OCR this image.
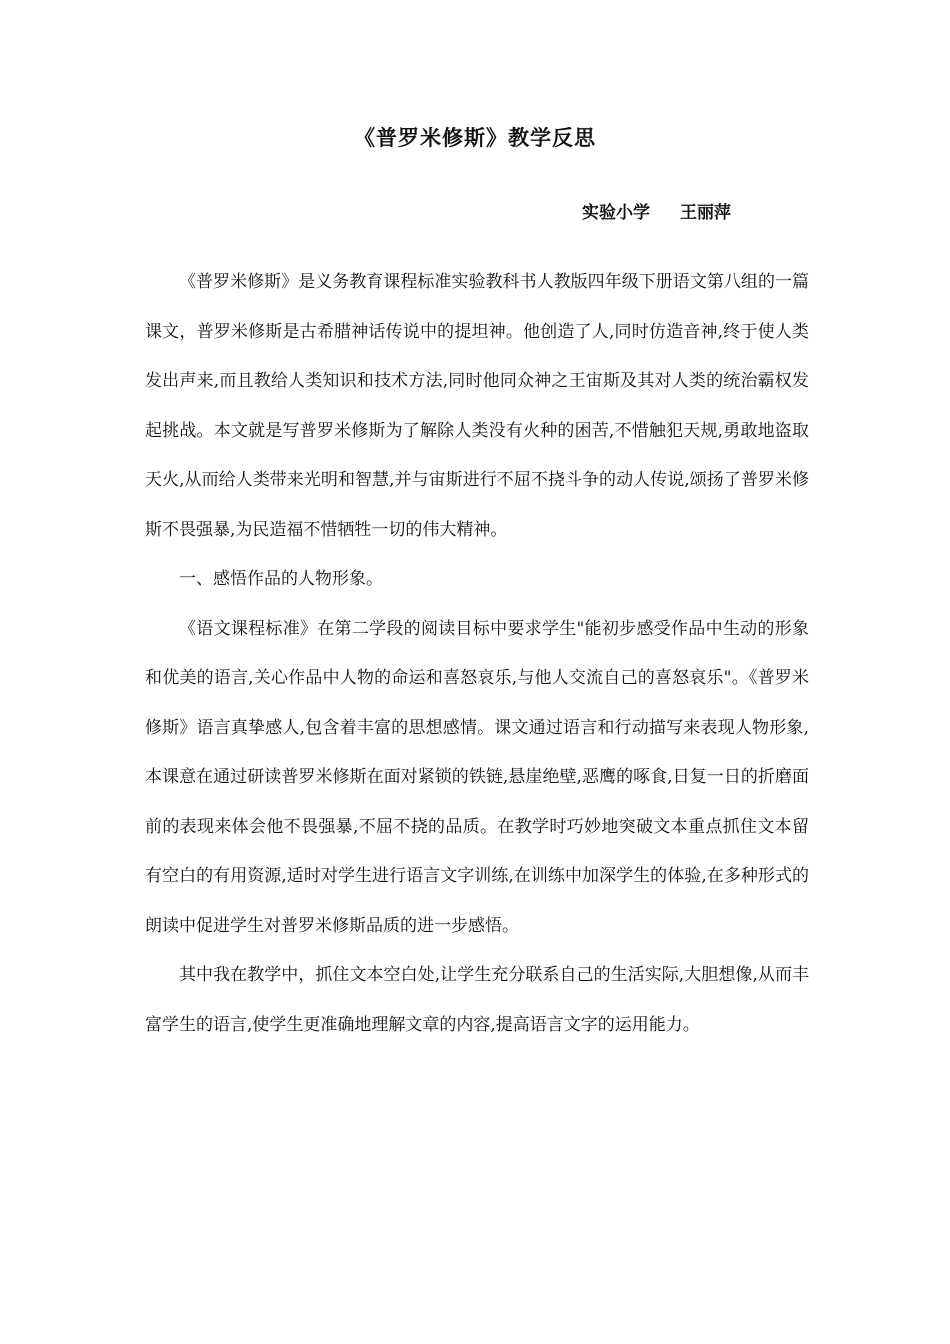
《普罗米修斯》教学反思
实验小学 王丽萍

《普罗米修斯》是义务教育课程标准实验教科书人教版四年级下册语文第八组的一篇课文，普罗米修斯是古希腊神话传说中的提坦神。他创造了人,同时仿造音神,终于使人类发出声来,而且教给人类知识和技术方法,同时他同众神之王宙斯及其对人类的统治霸权发起挑战。本文就是写普罗米修斯为了解除人类没有火种的困苦,不惜触犯天规,勇敢地盗取天火,从而给人类带来光明和智慧,并与宙斯进行不屈不挠斗争的动人传说,颂扬了普罗米修斯不畏强暴,为民造福不惜牺牲一切的伟大精神。

一、感悟作品的人物形象。

《语文课程标准》在第二学段的阅读目标中要求学生"能初步感受作品中生动的形象和优美的语言,关心作品中人物的命运和喜怒哀乐,与他人交流自己的喜怒哀乐"。《普罗米修斯》语言真挚感人,包含着丰富的思想感情。课文通过语言和行动描写来表现人物形象,本课意在通过研读普罗米修斯在面对紧锁的铁链,悬崖绝壁,恶鹰的啄食,日复一日的折磨面前的表现来体会他不畏强暴,不屈不挠的品质。在教学时巧妙地突破文本重点抓住文本留有空白的有用资源,适时对学生进行语言文字训练,在训练中加深学生的体验,在多种形式的朗读中促进学生对普罗米修斯品质的进一步感悟。

其中我在教学中，抓住文本空白处,让学生充分联系自己的生活实际,大胆想像,从而丰富学生的语言,使学生更准确地理解文章的内容,提高语言文字的运用能力。
